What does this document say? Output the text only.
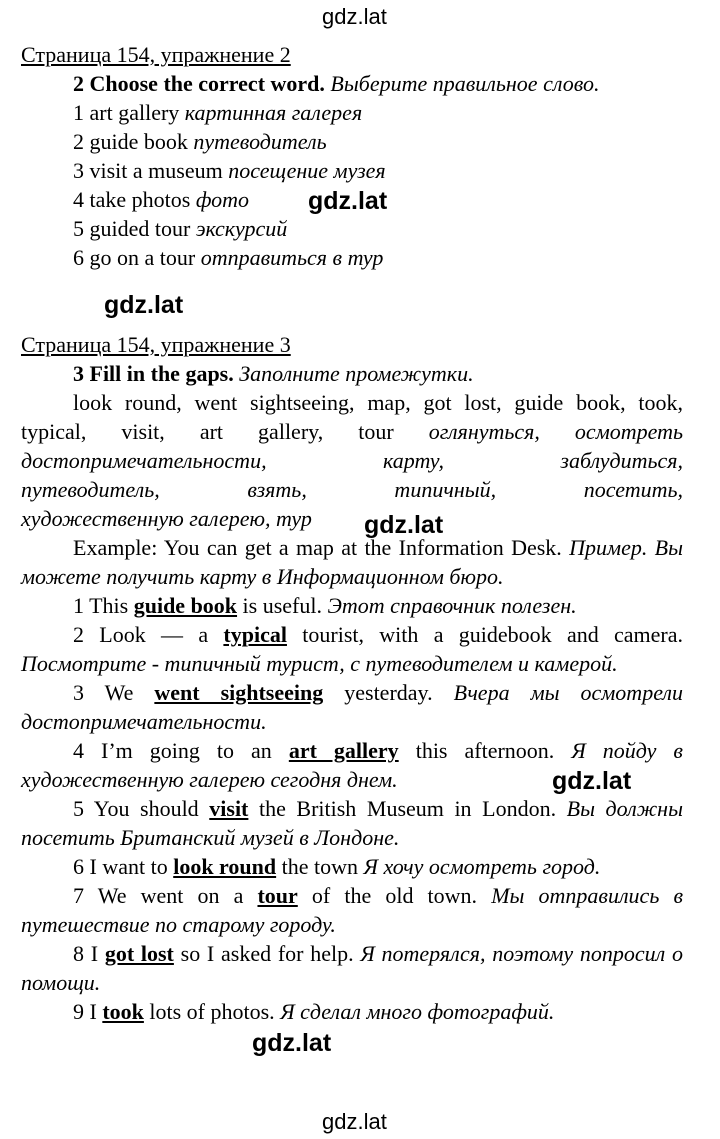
gdz.lat
gdz.lat
gdz.lat
gdz.lat
gdz.lat
gdz.lat
gdz.lat

Страница 154, упражнение 2

2 Choose the correct word. Выберите правильное слово.

1 art gallery картинная галерея

2 guide book путеводитель

3 visit a museum посещение музея

4 take photos фото

5 guided tour экскурсий

6 go on a tour отправиться в тур

Страница 154, упражнение 3

3 Fill in the gaps. Заполните промежутки.

look round, went sightseeing, map, got lost, guide book, took,

typical,   visit,   art   gallery,   tour оглянуться,   осмотреть

достопримечательности, карту, заблудиться,

путеводитель, взять, типичный, посетить,

художественную галерею, тур

Example: You can get a map at the Information Desk. Пример. Вы можете получить карту в Информационном бюро.

1 This guide book is useful. Этот справочник полезен.

2 Look — a typical tourist, with a guidebook and camera. Посмотрите - типичный турист, с путеводителем и камерой.

3 We went sightseeing yesterday. Вчера мы осмотрели достопримечательности.

4 I’m going to an art gallery this afternoon. Я пойду в художественную галерею сегодня днем.

5 You should visit the British Museum in London. Вы должны посетить Британский музей в Лондоне.

6 I want to look round the town Я хочу осмотреть город.

7 We went on a tour of the old town. Мы отправились в путешествие по старому городу.

8 I got lost so I asked for help. Я потерялся, поэтому попросил о помощи.

9 I took lots of photos. Я сделал много фотографий.
